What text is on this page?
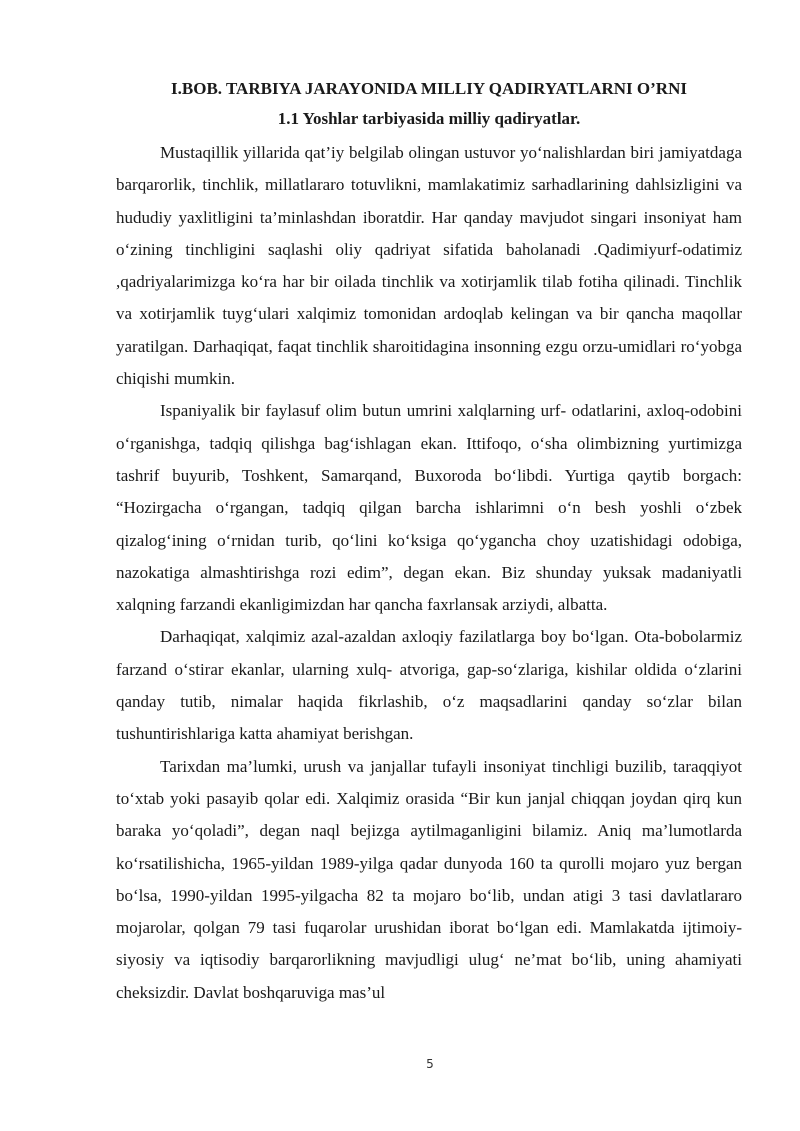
I.BOB. TARBIYA JARAYONIDA MILLIY QADIRYATLARNI O’RNI
1.1 Yoshlar tarbiyasida milliy qadiryatlar.

Mustaqillik yillarida qat’iy belgilab olingan ustuvor yo‘nalishlardan biri jamiyatdaga barqarorlik, tinchlik, millatlararo totuvlikni, mamlakatimiz sarhadlarining dahlsizligini va hududiy yaxlitligini ta’minlashdan iboratdir. Har qanday mavjudot singari insoniyat ham o‘zining tinchligini saqlashi oliy qadriyat sifatida baholanadi .Qadimiyurf-odatimiz ,qadriyalarimizga ko‘ra har bir oilada tinchlik va xotirjamlik tilab fotiha qilinadi. Tinchlik va xotirjamlik tuyg‘ulari xalqimiz tomonidan ardoqlab kelingan va bir qancha maqollar yaratilgan. Darhaqiqat, faqat tinchlik sharoitidagina insonning ezgu orzu-umidlari ro‘yobga chiqishi mumkin.

Ispaniyalik bir faylasuf olim butun umrini xalqlarning urf- odatlarini, axloq-odobini o‘rganishga, tadqiq qilishga bag‘ishlagan ekan. Ittifoqo, o‘sha olimbizning yurtimizga tashrif buyurib, Toshkent, Samarqand, Buxoroda bo‘libdi. Yurtiga qaytib borgach: “Hozirgacha o‘rgangan, tadqiq qilgan barcha ishlarimni o‘n besh yoshli o‘zbek qizalog‘ining o‘rnidan turib, qo‘lini ko‘ksiga qo‘yganchа choy uzatishidagi odobiga, nazokatiga almashtirishga rozi edim”, degan ekan. Biz shunday yuksak madaniyatli xalqning farzandi ekanligimizdan har qancha faxrlansak arziydi, albatta.

Darhaqiqat, xalqimiz azal-azaldan axloqiy fazilatlarga boy bo‘lgan. Ota-bobolarmiz farzand o‘stirar ekanlar, ularning xulq- atvoriga, gap-so‘zlariga, kishilar oldida o‘zlarini qanday tutib, nimalar haqida fikrlashib, o‘z maqsadlarini qanday so‘zlar bilan tushuntirishlariga katta ahamiyat berishgan.

Tarixdan ma’lumki, urush va janjallar tufayli insoniyat tinchligi buzilib, taraqqiyot to‘xtab yoki pasayib qolar edi. Xalqimiz orasida “Bir kun janjal chiqqan joydan qirq kun baraka yo‘qoladi”, degan naql bejizga aytilmaganligini bilamiz. Aniq ma’lumotlarda ko‘rsatilishicha, 1965-yildan 1989-yilga qadar dunyoda 160 ta qurolli mojaro yuz bergan bo‘lsa, 1990-yildan 1995-yilgacha 82 ta mojaro bo‘lib, undan atigi 3 tasi davlatlararo mojarolar, qolgan 79 tasi fuqarolar urushidan iborat bo‘lgan edi. Mamlakatda ijtimoiy-siyosiy va iqtisodiy barqarorlikning mavjudligi ulug‘ ne’mat bo‘lib, uning ahamiyati cheksizdir. Davlat boshqaruviga mas’ul

5
